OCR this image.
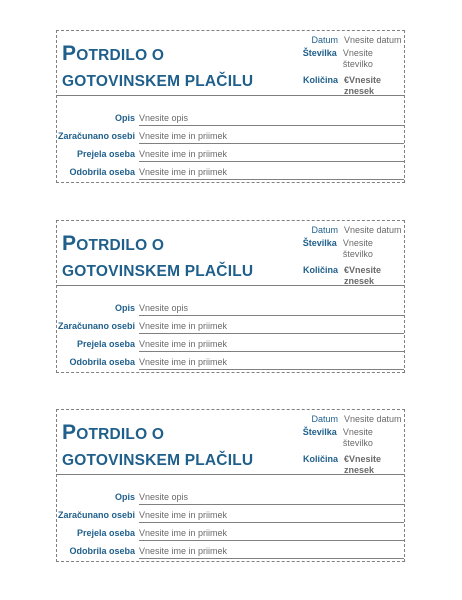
POTRDILO O
GOTOVINSKEM PLAČILU
Datum Vnesite datum
Številka Vnesite številko
Količina €Vnesite
znesek
Opis Vnesite opis
Zaračunano osebi Vnesite ime in priimek
Prejela oseba Vnesite ime in priimek
Odobrila oseba Vnesite ime in priimek
POTRDILO O
GOTOVINSKEM PLAČILU
Datum Vnesite datum
Številka Vnesite številko
Količina €Vnesite
znesek
Opis Vnesite opis
Zaračunano osebi Vnesite ime in priimek
Prejela oseba Vnesite ime in priimek
Odobrila oseba Vnesite ime in priimek
POTRDILO O
GOTOVINSKEM PLAČILU
Datum Vnesite datum
Številka Vnesite številko
Količina €Vnesite
znesek
Opis Vnesite opis
Zaračunano osebi Vnesite ime in priimek
Prejela oseba Vnesite ime in priimek
Odobrila oseba Vnesite ime in priimek
